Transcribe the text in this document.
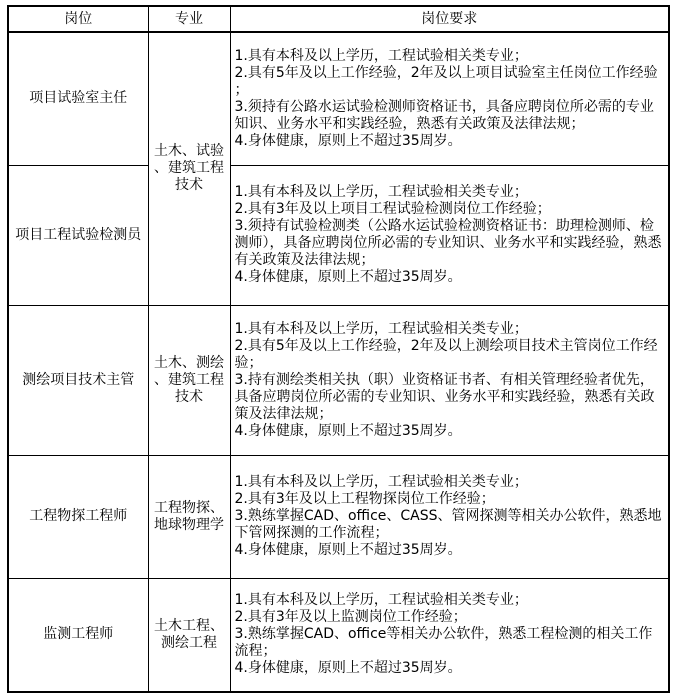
岗位	专业	岗位要求
项目试验室主任	土木、试验、建筑工程技术	1.具有本科及以上学历，工程试验相关类专业；
2.具有5年及以上工作经验，2年及以上项目试验室主任岗位工作经验；
3.须持有公路水运试验检测师资格证书，具备应聘岗位所必需的专业知识、业务水平和实践经验，熟悉有关政策及法律法规；
4.身体健康，原则上不超过35周岁。

项目工程试验检测员		1.具有本科及以上学历，工程试验相关类专业；
2.具有3年及以上项目工程试验检测岗位工作经验；
3.须持有试验检测类（公路水运试验检测资格证书：助理检测师、检测师），具备应聘岗位所必需的专业知识、业务水平和实践经验，熟悉有关政策及法律法规；
4.身体健康，原则上不超过35周岁。

测绘项目技术主管	土木、测绘、建筑工程技术	1.具有本科及以上学历，工程试验相关类专业；
2.具有5年及以上工作经验，2年及以上测绘项目技术主管岗位工作经验；
3.持有测绘类相关执（职）业资格证书者、有相关管理经验者优先，具备应聘岗位所必需的专业知识、业务水平和实践经验，熟悉有关政策及法律法规；
4.身体健康，原则上不超过35周岁。

工程物探工程师	工程物探、地球物理学	1.具有本科及以上学历，工程试验相关类专业；
2.具有3年及以上工程物探岗位工作经验；
3.熟练掌握CAD、office、CASS、管网探测等相关办公软件，熟悉地下管网探测的工作流程；
4.身体健康，原则上不超过35周岁。

监测工程师	土木工程、测绘工程	1.具有本科及以上学历，工程试验相关类专业；
2.具有3年及以上监测岗位工作经验；
3.熟练掌握CAD、office等相关办公软件，熟悉工程检测的相关工作流程；
4.身体健康，原则上不超过35周岁。
